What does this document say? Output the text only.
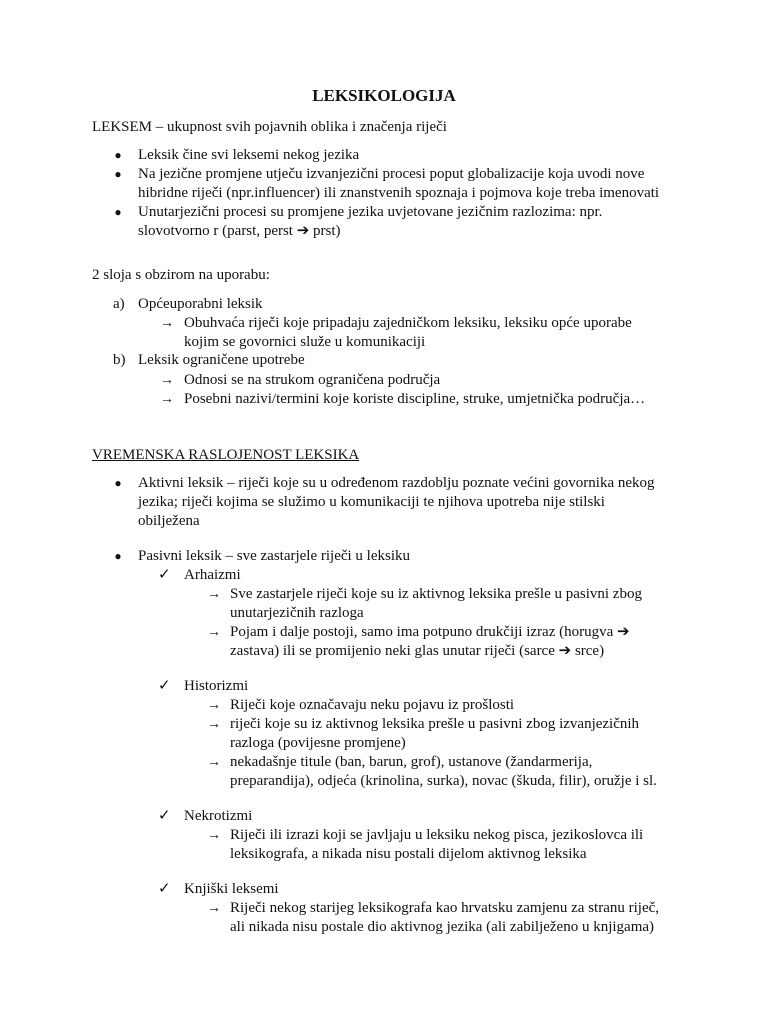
LEKSIKOLOGIJA
LEKSEM – ukupnost svih pojavnih oblika i značenja riječi
● Leksik čine svi leksemi nekog jezika
● Na jezične promjene utječu izvanjezični procesi poput globalizacije koja uvodi nove
hibridne riječi (npr.influencer) ili znanstvenih spoznaja i pojmova koje treba imenovati
● Unutarjezični procesi su promjene jezika uvjetovane jezičnim razlozima: npr.
slovotvorno r (parst, perst ➔ prst)
2 sloja s obzirom na uporabu:
a) Općeuporabni leksik
→ Obuhvaća riječi koje pripadaju zajedničkom leksiku, leksiku opće uporabe
kojim se govornici služe u komunikaciji
b) Leksik ograničene upotrebe
→ Odnosi se na strukom ograničena područja
→ Posebni nazivi/termini koje koriste discipline, struke, umjetnička područja…
VREMENSKA RASLOJENOST LEKSIKA
● Aktivni leksik – riječi koje su u određenom razdoblju poznate većini govornika nekog
jezika; riječi kojima se služimo u komunikaciji te njihova upotreba nije stilski
obilježena
● Pasivni leksik – sve zastarjele riječi u leksiku
✓ Arhaizmi
→ Sve zastarjele riječi koje su iz aktivnog leksika prešle u pasivni zbog
unutarjezičnih razloga
→ Pojam i dalje postoji, samo ima potpuno drukčiji izraz (horugva ➔
zastava) ili se promijenio neki glas unutar riječi (sarce ➔ srce)
✓ Historizmi
→ Riječi koje označavaju neku pojavu iz prošlosti
→ riječi koje su iz aktivnog leksika prešle u pasivni zbog izvanjezičnih
razloga (povijesne promjene)
→ nekadašnje titule (ban, barun, grof), ustanove (žandarmerija,
preparandija), odjeća (krinolina, surka), novac (škuda, filir), oružje i sl.
✓ Nekrotizmi
→ Riječi ili izrazi koji se javljaju u leksiku nekog pisca, jezikoslovca ili
leksikografa, a nikada nisu postali dijelom aktivnog leksika
✓ Knjiški leksemi
→ Riječi nekog starijeg leksikografa kao hrvatsku zamjenu za stranu riječ,
ali nikada nisu postale dio aktivnog jezika (ali zabilježeno u knjigama)
